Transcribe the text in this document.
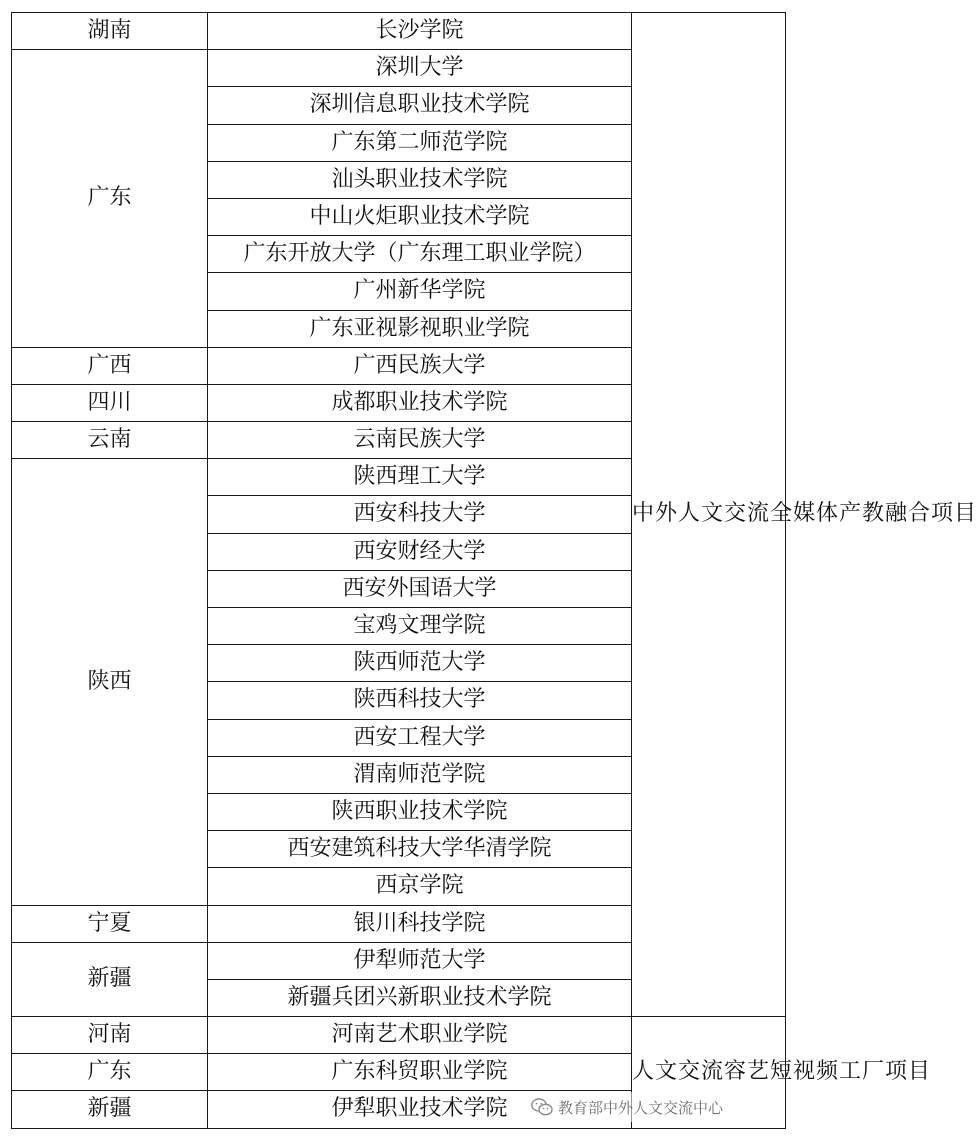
湖南	长沙学院	中外人文交流全媒体产教融合项目
广东	深圳大学	
	深圳信息职业技术学院	
	广东第二师范学院	
	汕头职业技术学院	
	中山火炬职业技术学院	
	广东开放大学（广东理工职业学院）	
	广州新华学院	
	广东亚视影视职业学院	
广西	广西民族大学	
四川	成都职业技术学院	
云南	云南民族大学	
陕西	陕西理工大学	
	西安科技大学	
	西安财经大学	
	西安外国语大学	
	宝鸡文理学院	
	陕西师范大学	
	陕西科技大学	
	西安工程大学	
	渭南师范学院	
	陕西职业技术学院	
	西安建筑科技大学华清学院	
	西京学院	
宁夏	银川科技学院	
新疆	伊犁师范大学	
	新疆兵团兴新职业技术学院	
河南	河南艺术职业学院	人文交流容艺短视频工厂项目
广东	广东科贸职业学院	
新疆	伊犁职业技术学院		教育部中外人文交流中心
